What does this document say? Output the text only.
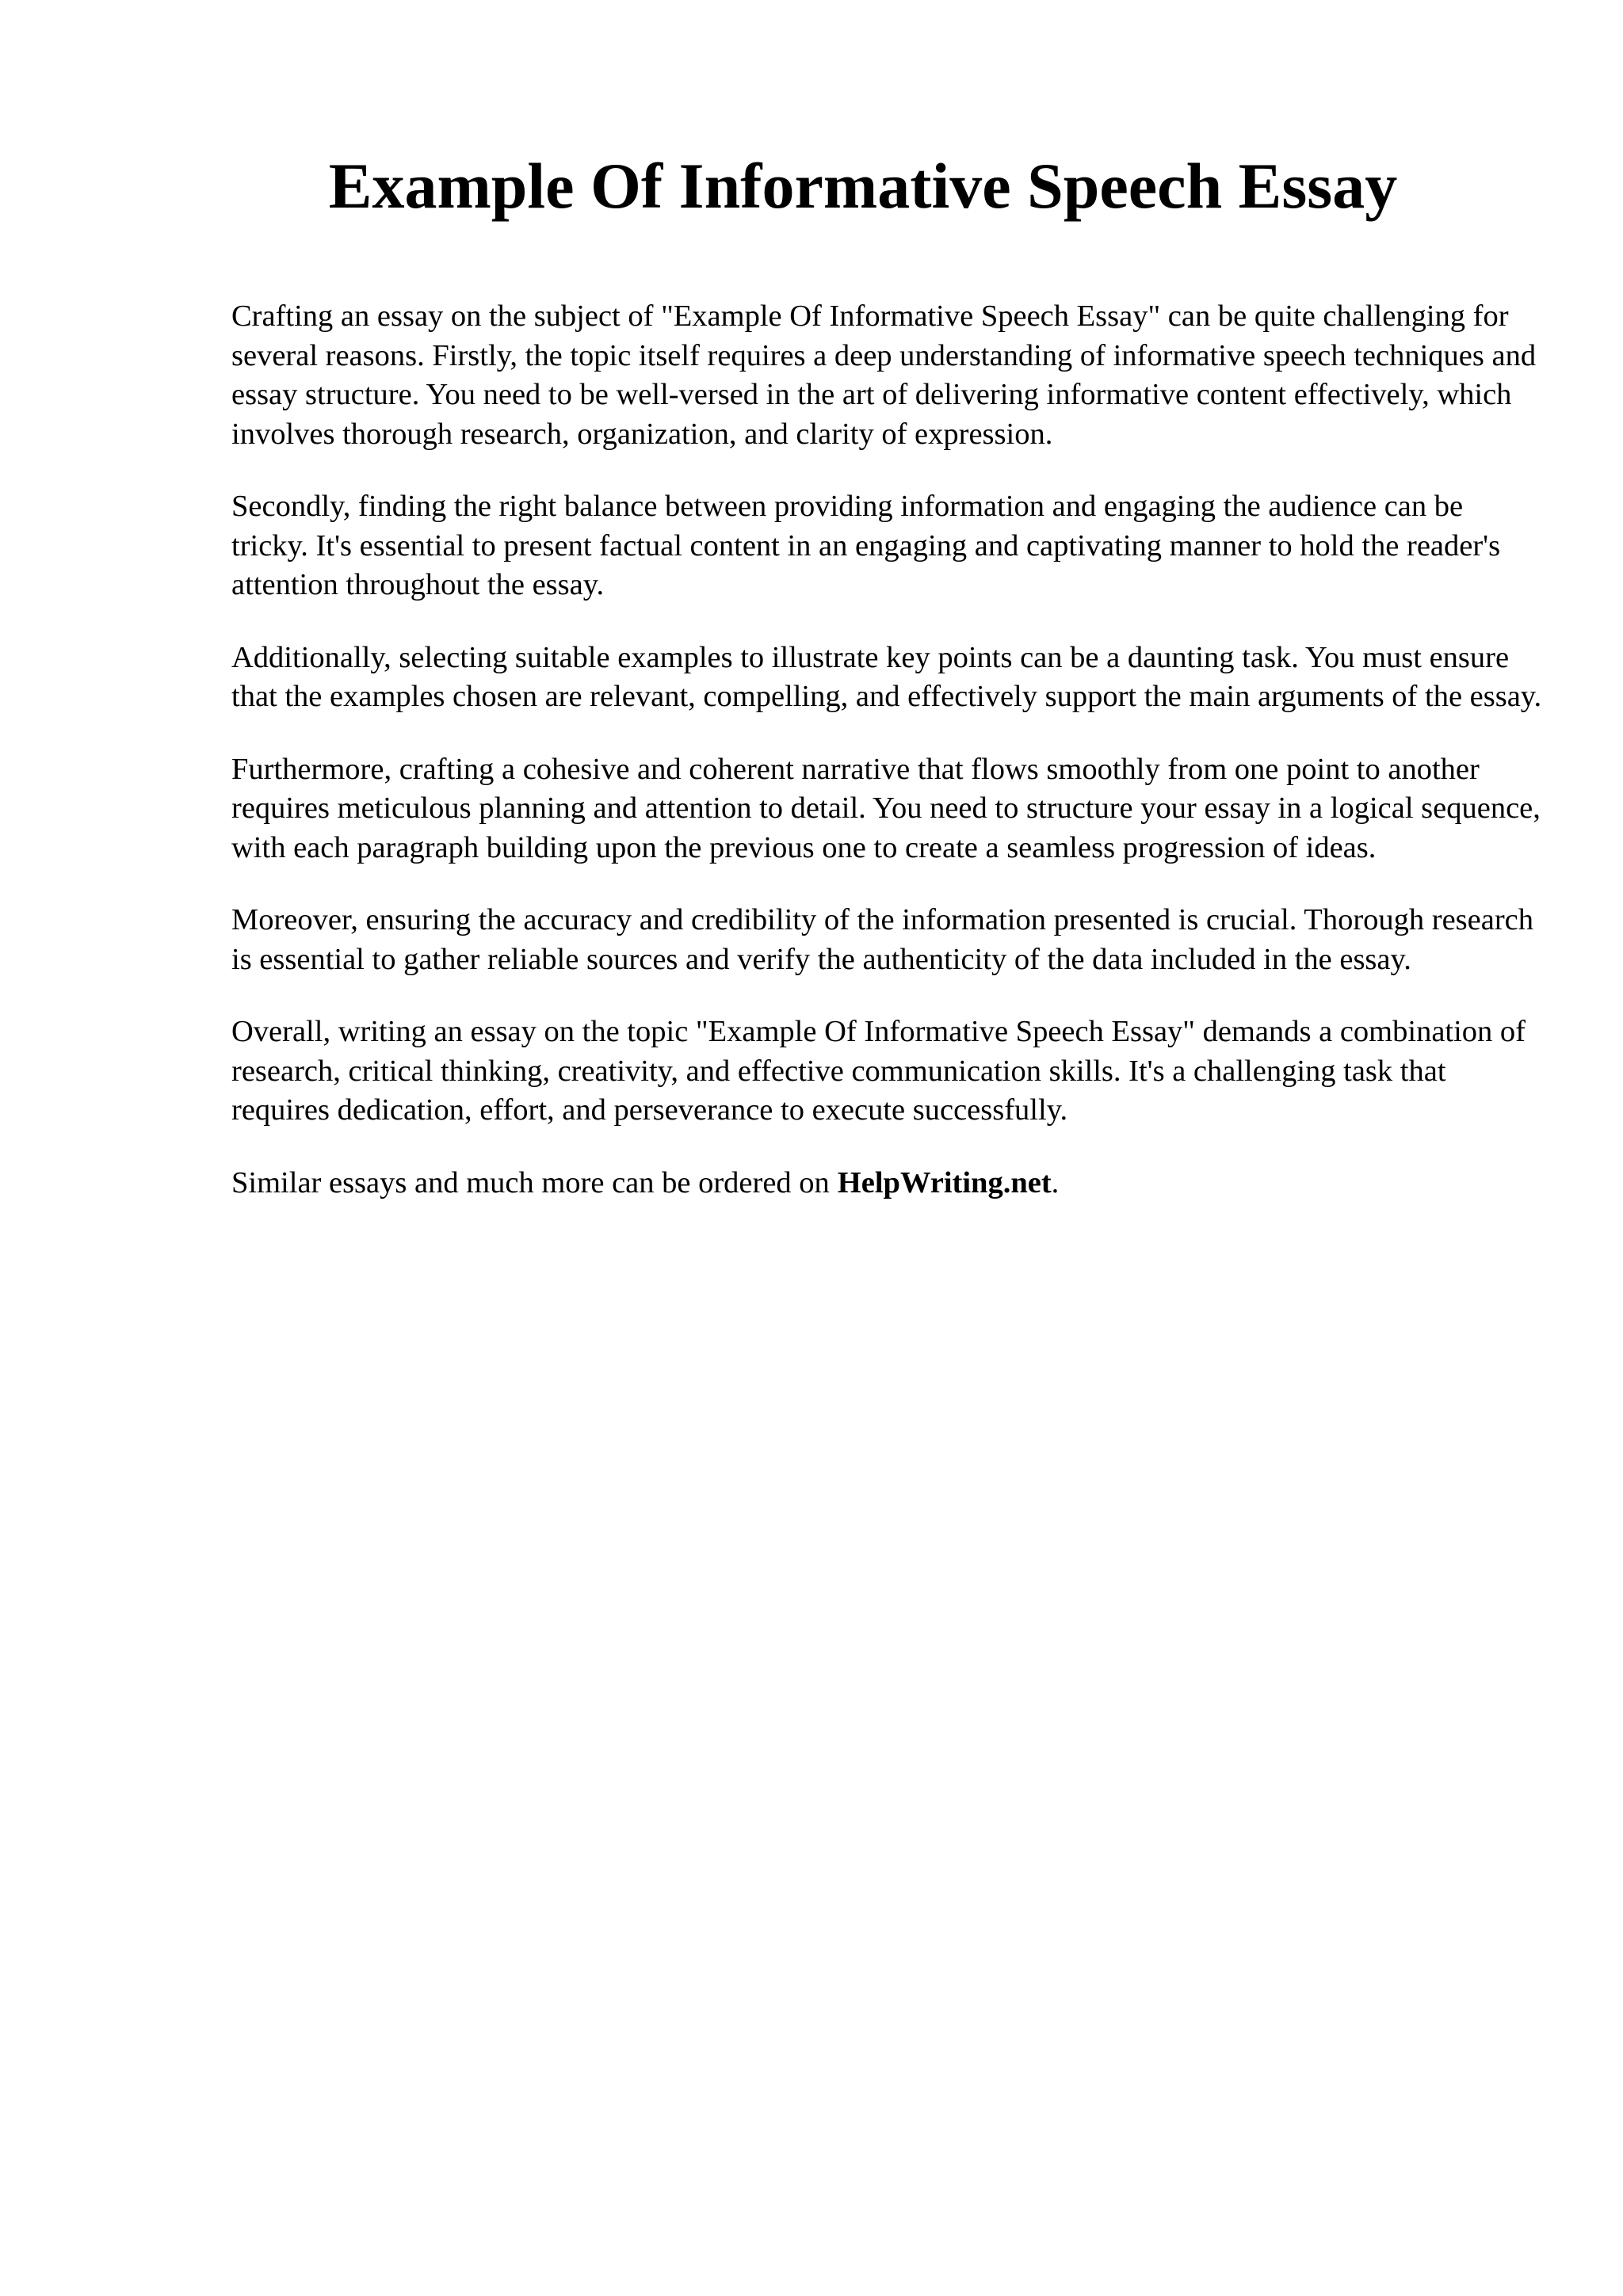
Example Of Informative Speech Essay

Crafting an essay on the subject of "Example Of Informative Speech Essay" can be quite challenging for several reasons. Firstly, the topic itself requires a deep understanding of informative speech techniques and essay structure. You need to be well-versed in the art of delivering informative content effectively, which involves thorough research, organization, and clarity of expression.

Secondly, finding the right balance between providing information and engaging the audience can be tricky. It's essential to present factual content in an engaging and captivating manner to hold the reader's attention throughout the essay.

Additionally, selecting suitable examples to illustrate key points can be a daunting task. You must ensure that the examples chosen are relevant, compelling, and effectively support the main arguments of the essay.

Furthermore, crafting a cohesive and coherent narrative that flows smoothly from one point to another requires meticulous planning and attention to detail. You need to structure your essay in a logical sequence, with each paragraph building upon the previous one to create a seamless progression of ideas.

Moreover, ensuring the accuracy and credibility of the information presented is crucial. Thorough research is essential to gather reliable sources and verify the authenticity of the data included in the essay.

Overall, writing an essay on the topic "Example Of Informative Speech Essay" demands a combination of research, critical thinking, creativity, and effective communication skills. It's a challenging task that requires dedication, effort, and perseverance to execute successfully.

Similar essays and much more can be ordered on HelpWriting.net.
